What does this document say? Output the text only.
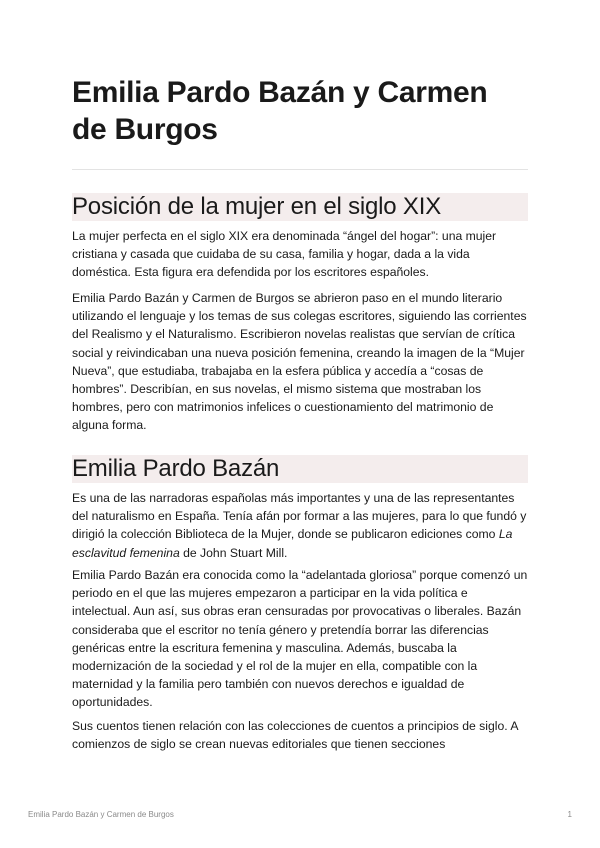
Emilia Pardo Bazán y Carmen de Burgos
Posición de la mujer en el siglo XIX

La mujer perfecta en el siglo XIX era denominada “ángel del hogar”: una mujer cristiana y casada que cuidaba de su casa, familia y hogar, dada a la vida doméstica. Esta figura era defendida por los escritores españoles.

Emilia Pardo Bazán y Carmen de Burgos se abrieron paso en el mundo literario utilizando el lenguaje y los temas de sus colegas escritores, siguiendo las corrientes del Realismo y el Naturalismo. Escribieron novelas realistas que servían de crítica social y reivindicaban una nueva posición femenina, creando la imagen de la “Mujer Nueva”, que estudiaba, trabajaba en la esfera pública y accedía a “cosas de hombres”. Describían, en sus novelas, el mismo sistema que mostraban los hombres, pero con matrimonios infelices o cuestionamiento del matrimonio de alguna forma.

Emilia Pardo Bazán

Es una de las narradoras españolas más importantes y una de las representantes del naturalismo en España. Tenía afán por formar a las mujeres, para lo que fundó y dirigió la colección Biblioteca de la Mujer, donde se publicaron ediciones como La esclavitud femenina de John Stuart Mill.

Emilia Pardo Bazán era conocida como la “adelantada gloriosa” porque comenzó un periodo en el que las mujeres empezaron a participar en la vida política e intelectual. Aun así, sus obras eran censuradas por provocativas o liberales. Bazán consideraba que el escritor no tenía género y pretendía borrar las diferencias genéricas entre la escritura femenina y masculina. Además, buscaba la modernización de la sociedad y el rol de la mujer en ella, compatible con la maternidad y la familia pero también con nuevos derechos e igualdad de oportunidades.

Sus cuentos tienen relación con las colecciones de cuentos a principios de siglo. A comienzos de siglo se crean nuevas editoriales que tienen secciones

Emilia Pardo Bazán y Carmen de Burgos	1
